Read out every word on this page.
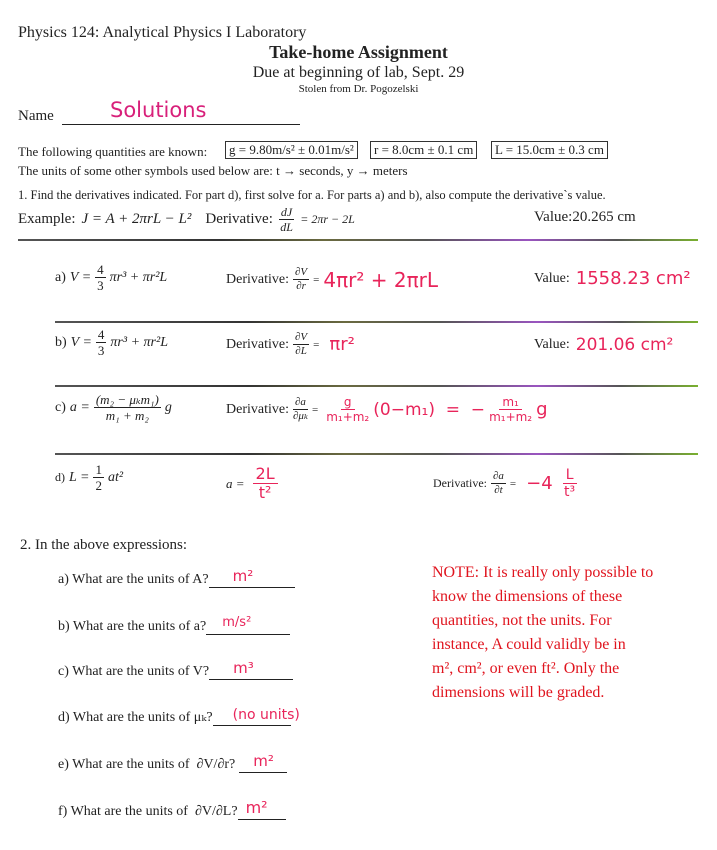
Physics 124: Analytical Physics I Laboratory
Take-home Assignment
Due at beginning of lab, Sept. 29
Stolen from Dr. Pogozelski
Name	Solutions
The following quantities are known:	g = 9.80m/s² ± 0.01m/s²	r = 8.0cm ± 0.1 cm	L = 15.0cm ± 0.3 cm
The units of some other symbols used below are: t → seconds, y → meters
1. Find the derivatives indicated. For part d), first solve for a. For parts a) and b), also compute the derivative`s value.
Example: J = A + 2πrL − L² Derivative: $\frac{dJ}{dL} = 2\pi r - 2L$	Value:20.265 cm
a) $V = \frac{4}{3} \pi r^3 + \pi r^2L$	Derivative: $\frac{\partial V}{\partial r} = 4\pi r^2 + 2\pi rL$	Value: 1558.23 cm²
b) $V = \frac{4}{3} \pi r^3 + \pi r^2L$	Derivative: $\frac{\partial V}{\partial L} = \pi r^2$	Value: 201.06 cm²
c) $a = \frac{\text{(m₂ − μₖm₁)}}{\text{m₁ + m₂}}$ g	Derivative: $\frac{\partial a}{\text{∂μₖ}} = \frac{g}{\text{m₁+m₂}} (0-m_1)$  =  − $\frac{\text{m₁}}{\text{m₁+m₂}}$ g
d) $L = \frac{1}{2} at^2$	$a = \frac{2L}{\text{t²}}$	Derivative: $\frac{\partial a}{\partial t} = -4 \frac{L}{\text{t³}}$
2. In the above expressions:
a) What are the units of A? m²
b) What are the units of a? m/s²
c) What are the units of V? m³
d) What are the units of μₖ? (no units)
e) What are the units of  ∂V/∂r? m²
f) What are the units of  ∂V/∂L? m²
NOTE: It is really only possible to
know the dimensions of these
quantities, not the units. For
instance, A could validly be in
m², cm², or even ft². Only the
dimensions will be graded.
